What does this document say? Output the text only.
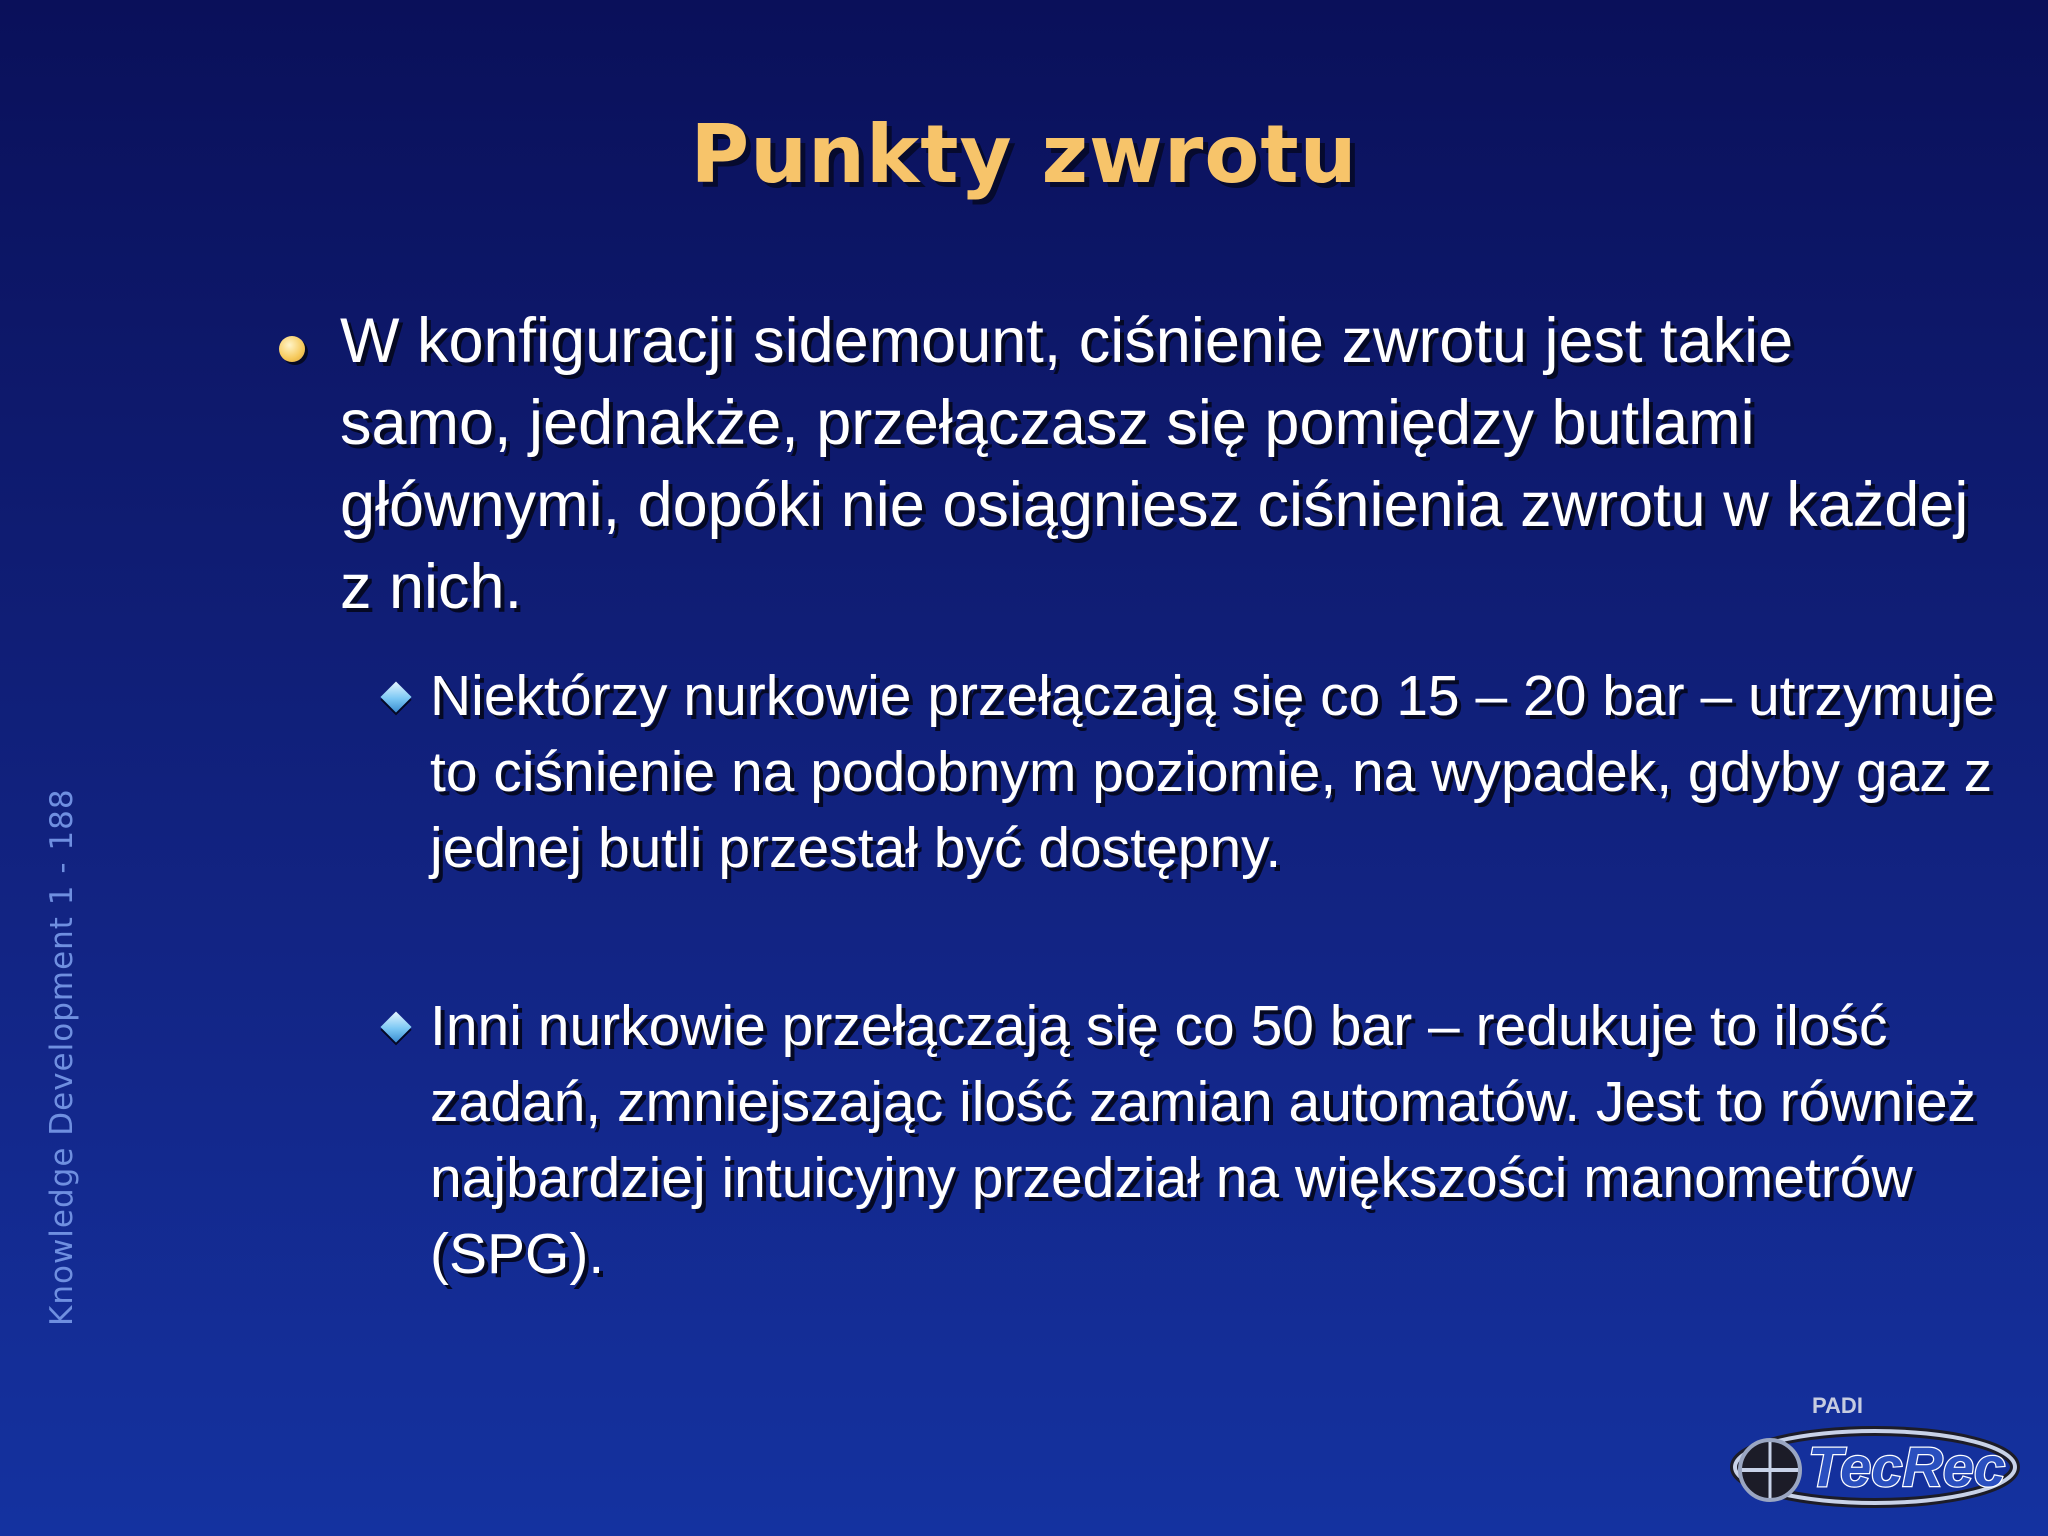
Punkty zwrotu
W konfiguracji sidemount, ciśnienie zwrotu jest takie samo, jednakże, przełączasz się pomiędzy butlami głównymi, dopóki nie osiągniesz ciśnienia zwrotu w każdej z nich.
Niektórzy nurkowie przełączają się co 15 – 20 bar – utrzymuje to ciśnienie na podobnym poziomie, na wypadek, gdyby gaz z jednej butli przestał być dostępny.
Inni nurkowie przełączają się co 50 bar – redukuje to ilość zadań, zmniejszając ilość zamian automatów. Jest to również najbardziej intuicyjny przedział na większości manometrów (SPG).
Knowledge Development 1 - 188
PADI
TecRec
